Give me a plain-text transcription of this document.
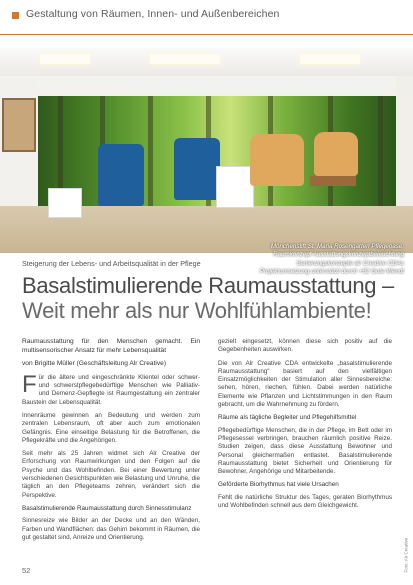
Gestaltung von Räumen, Innen- und Außenbereichen
Mönchenstift St. Maria Rosengarten Pflegeoase:
Raumkonzept Ausstattungskonzeptbeleuchtung
Sanierungskonzepte alr Creative CDAs
Projektumsetzung unterstützt durch +52 Gute Wendt
Steigerung der Lebens- und Arbeitsqualität in der Pflege
Basalstimulierende Raumausstattung –
Weit mehr als nur Wohlfühlambiente!

Raumausstattung für den Menschen gemacht. Ein multisensorischer Ansatz für mehr Lebensqualität

von Brigitte Müller (Geschäftsleitung Alr Creative)

Für die ältere und eingeschränkte Klientel oder schwer- und schwerstpflegebedürftige Menschen wie Palliativ- und Demenz-Gepflegte ist Raumgestaltung ein zentraler Baustein der Lebensqualität.

Innenräume gewinnen an Bedeutung und werden zum zentralen Lebensraum, oft aber auch zum emotionalen Gefängnis. Eine einseitige Belastung für die Betroffenen, die Pflegekräfte und die Angehörigen.

Seit mehr als 25 Jahren widmet sich Alr Creative der Erforschung von Raumwirkungen und den Folgen auf die Psyche und das Wohlbefinden. Bei einer Bewertung unter verschiedenen Gesichtspunkten wie Belastung und Unruhe, die täglich an den Pflegeteams zehren, verändert sich die Perspektive.

Basalstimulierende Raumausstattung durch Sinnesstimulanz

Sinnesreize wie Bilder an der Decke und an den Wänden, Farben und Wandflächen: das Gehirn bekommt in Räumen, die gut gestaltet sind, Anreize und Orientierung.

gezielt eingesetzt, können diese sich positiv auf die Gegebenheiten auswirken.

Die von Alr Creative CDA entwickelte „basalstimulierende Raumausstattung“ basiert auf den vielfältigen Einsatzmöglichkeiten der Stimulation aller Sinnesbereiche: sehen, hören, riechen, fühlen. Dabei werden natürliche Elemente wie Pflanzen und Lichtstimmungen in den Raum gebracht, um die Wahrnehmung zu fördern.

Räume als tägliche Begleiter und Pflegehilfsmittel

Pflegebedürftige Menschen, die in der Pflege, im Bett oder im Pflegesessel verbringen, brauchen räumlich positive Reize. Studien zeigen, dass diese Ausstattung Bewohner und Personal gleichermaßen entlastet. Basalstimulierende Raumausstattung bietet Sicherheit und Orientierung für Bewohner, Angehörige und Mitarbeitende.

Geförderte Biorhythmus hat viele Ursachen

Fehlt die natürliche Struktur des Tages, geraten Biorhythmus und Wohlbefinden schnell aus dem Gleichgewicht.

Foto: Alr Creative
52
